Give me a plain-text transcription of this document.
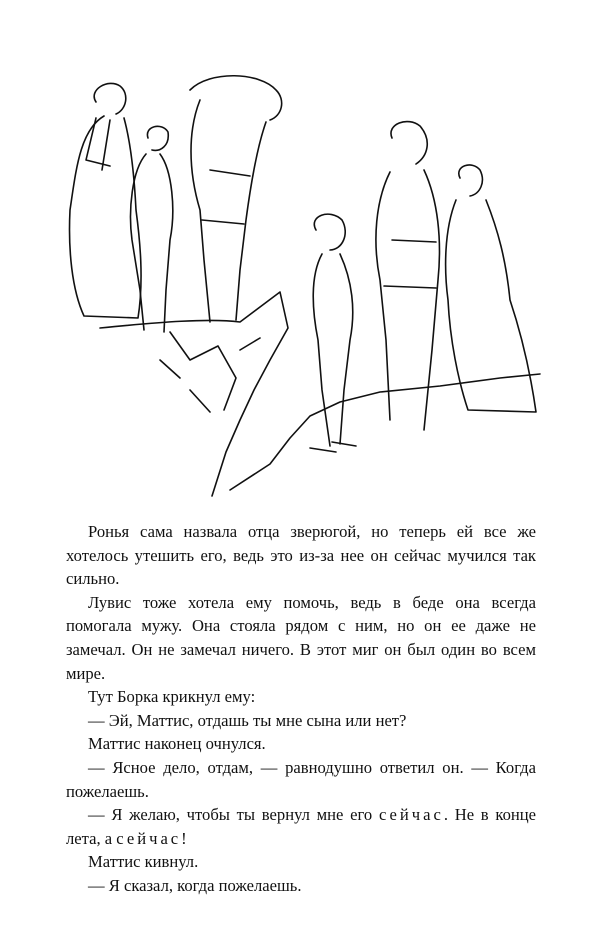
Ронья сама назвала отца зверюгой, но теперь ей все же хотелось утешить его, ведь это из-за нее он сейчас мучился так сильно.

Лувис тоже хотела ему помочь, ведь в беде она всегда помогала мужу. Она стояла рядом с ним, но он ее даже не замечал. Он не замечал ничего. В этот миг он был один во всем мире.

Тут Борка крикнул ему:

— Эй, Маттис, отдашь ты мне сына или нет?

Маттис наконец очнулся.

— Ясное дело, отдам, — равнодушно ответил он. — Когда пожелаешь.

— Я желаю, чтобы ты вернул мне его сейчас. Не в конце лета, а сейчас!

Маттис кивнул.

— Я сказал, когда пожелаешь.
